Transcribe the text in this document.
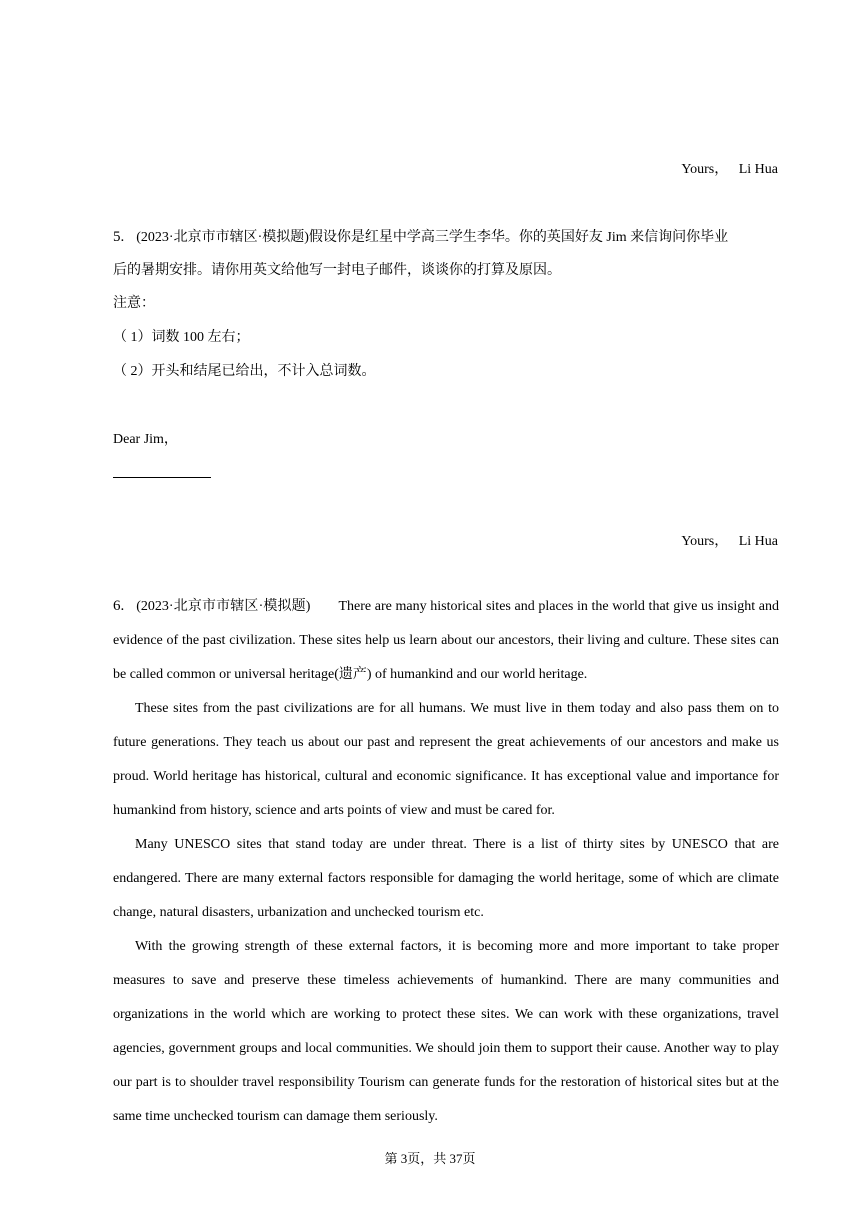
Yours，   Li Hua
5. (2023·北京市市辖区·模拟题)假设你是红星中学高三学生李华。你的英国好友 Jim 来信询问你毕业
后的暑期安排。请你用英文给他写一封电子邮件，谈谈你的打算及原因。
注意：
（ 1）词数 100 左右；
（ 2）开头和结尾已给出，不计入总词数。
Dear Jim，
Yours，   Li Hua
6. (2023·北京市市辖区·模拟题) There are many historical sites and places in the world that give us insight and evidence of the past civilization. These sites help us learn about our ancestors, their living and culture. These sites can be called common or universal heritage(遗产) of humankind and our world heritage.
These sites from the past civilizations are for all humans. We must live in them today and also pass them on to future generations. They teach us about our past and represent the great achievements of our ancestors and make us proud. World heritage has historical, cultural and economic significance. It has exceptional value and importance for humankind from history, science and arts points of view and must be cared for.
Many UNESCO sites that stand today are under threat. There is a list of thirty sites by UNESCO that are endangered. There are many external factors responsible for damaging the world heritage, some of which are climate change, natural disasters, urbanization and unchecked tourism etc.
With the growing strength of these external factors, it is becoming more and more important to take proper measures to save and preserve these timeless achievements of humankind. There are many communities and organizations in the world which are working to protect these sites. We can work with these organizations, travel agencies, government groups and local communities. We should join them to support their cause. Another way to play our part is to shoulder travel responsibility Tourism can generate funds for the restoration of historical sites but at the same time unchecked tourism can damage them seriously.
第 3页，共 37页
